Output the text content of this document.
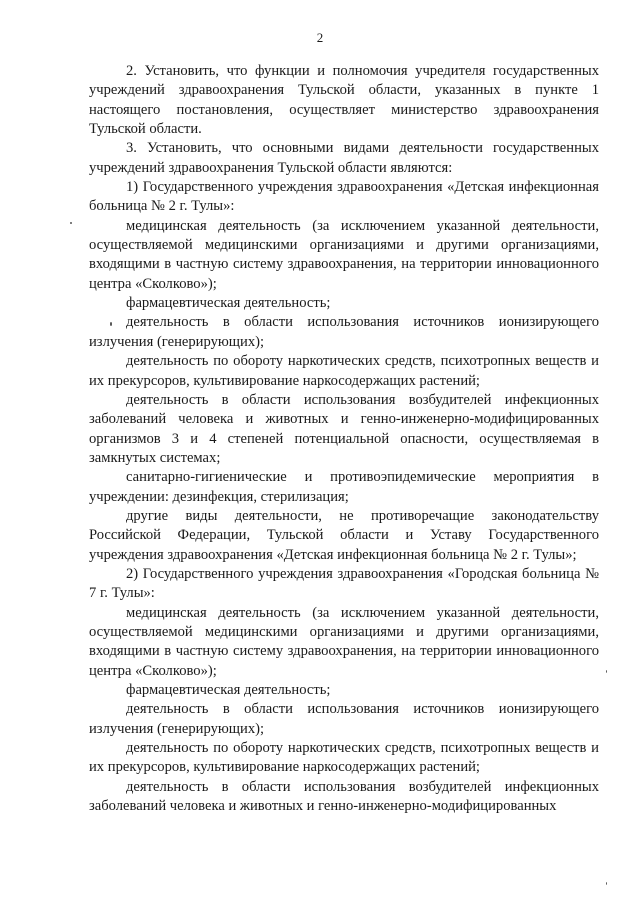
2

2. Установить, что функции и полномочия учредителя государственных учреждений здравоохранения Тульской области, указанных в пункте 1 настоящего постановления, осуществляет министерство здравоохранения Тульской области.

3. Установить, что основными видами деятельности государственных учреждений здравоохранения Тульской области являются:

1) Государственного учреждения здравоохранения «Детская инфекционная больница № 2 г. Тулы»:

медицинская деятельность (за исключением указанной деятельности, осуществляемой медицинскими организациями и другими организациями, входящими в частную систему здравоохранения, на территории инновационного центра «Сколково»);

фармацевтическая деятельность;

деятельность в области использования источников ионизирующего излучения (генерирующих);

деятельность по обороту наркотических средств, психотропных веществ и их прекурсоров, культивирование наркосодержащих растений;

деятельность в области использования возбудителей инфекционных заболеваний человека и животных и генно-инженерно-модифицированных организмов 3 и 4 степеней потенциальной опасности, осуществляемая в замкнутых системах;

санитарно-гигиенические и противоэпидемические мероприятия в учреждении: дезинфекция, стерилизация;

другие виды деятельности, не противоречащие законодательству Российской Федерации, Тульской области и Уставу Государственного учреждения здравоохранения «Детская инфекционная больница № 2 г. Тулы»;

2) Государственного учреждения здравоохранения «Городская больница № 7 г. Тулы»:

медицинская деятельность (за исключением указанной деятельности, осуществляемой медицинскими организациями и другими организациями, входящими в частную систему здравоохранения, на территории инновационного центра «Сколково»);

фармацевтическая деятельность;

деятельность в области использования источников ионизирующего излучения (генерирующих);

деятельность по обороту наркотических средств, психотропных веществ и их прекурсоров, культивирование наркосодержащих растений;

деятельность в области использования возбудителей инфекционных заболеваний человека и животных и генно-инженерно-модифицированных
